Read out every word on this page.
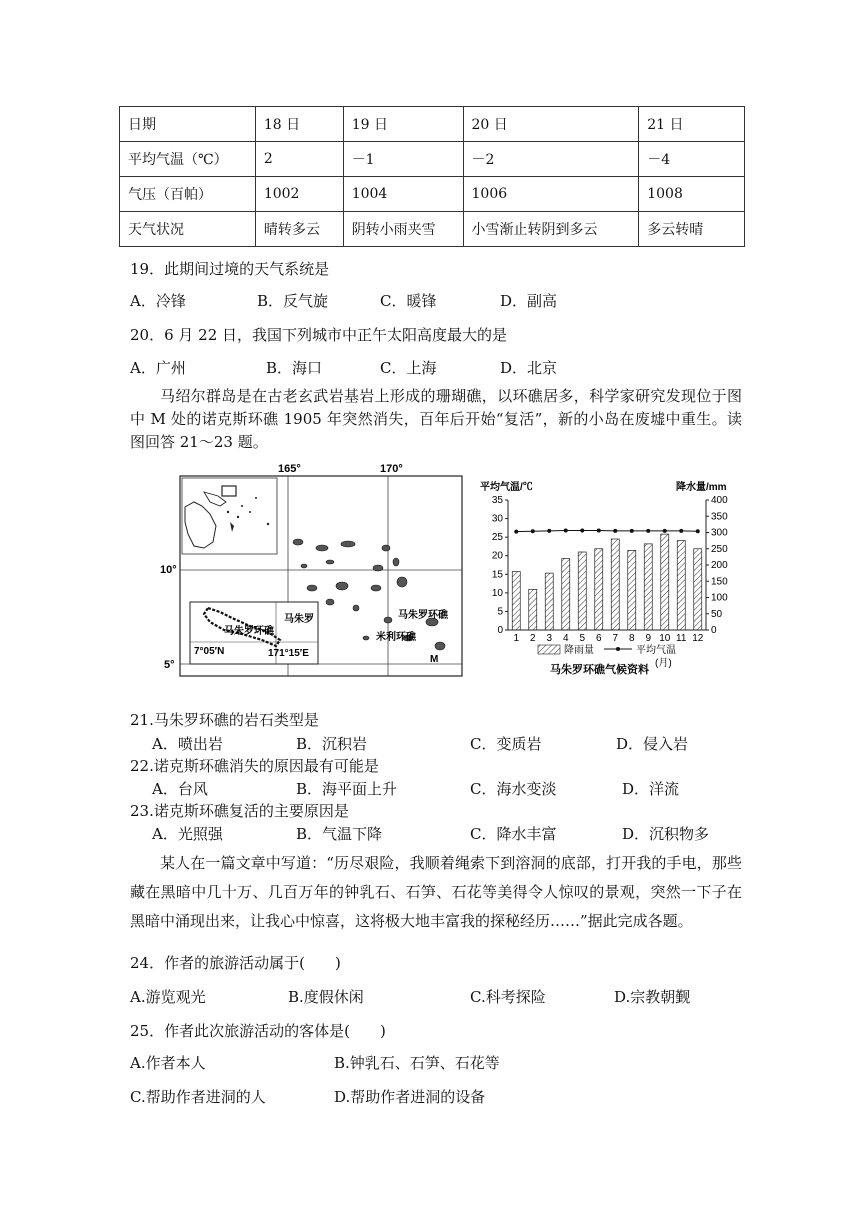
日期	18 日	19 日	20 日	21 日
平均气温（℃）	2	－1	－2	－4
气压（百帕）	1002	1004	1006	1008
天气状况	晴转多云	阴转小雨夹雪	小雪渐止转阴到多云	多云转晴
19．此期间过境的天气系统是
A．冷锋	B．反气旋	C．暖锋	D．副高
20．6 月 22 日，我国下列城市中正午太阳高度最大的是
A．广州	B．海口	C．上海	D．北京
马绍尔群岛是在古老玄武岩基岩上形成的珊瑚礁，以环礁居多，科学家研究发现位于图中 M 处的诺克斯环礁 1905 年突然消失，百年后开始“复活”，新的小岛在废墟中重生。读图回答 21～23 题。
165°	170°
10°
5°
马朱罗
马朱罗环礁
7°05′N	171°15′E
马朱罗环礁
米利环礁
M
平均气温/℃	降水量/mm
35
30
25
20
15
10
5
0
400
350
300
250
200
150
100
50
0
1 2 3 4 5 6 7 8 9 10 11 12
(月)
降雨量	平均气温
马朱罗环礁气候资料
21.马朱罗环礁的岩石类型是
A．喷出岩	B．沉积岩	C．变质岩	D．侵入岩
22.诺克斯环礁消失的原因最有可能是
A．台风	B．海平面上升	C．海水变淡	D．洋流
23.诺克斯环礁复活的主要原因是
A．光照强	B．气温下降	C．降水丰富	D．沉积物多
某人在一篇文章中写道：“历尽艰险，我顺着绳索下到溶洞的底部，打开我的手电，那些藏在黑暗中几十万、几百万年的钟乳石、石笋、石花等美得令人惊叹的景观，突然一下子在黑暗中涌现出来，让我心中惊喜，这将极大地丰富我的探秘经历……”据此完成各题。
24．作者的旅游活动属于(　　)
A.游览观光	B.度假休闲	C.科考探险	D.宗教朝觐
25．作者此次旅游活动的客体是(　　)
A.作者本人	B.钟乳石、石笋、石花等
C.帮助作者进洞的人	D.帮助作者进洞的设备
